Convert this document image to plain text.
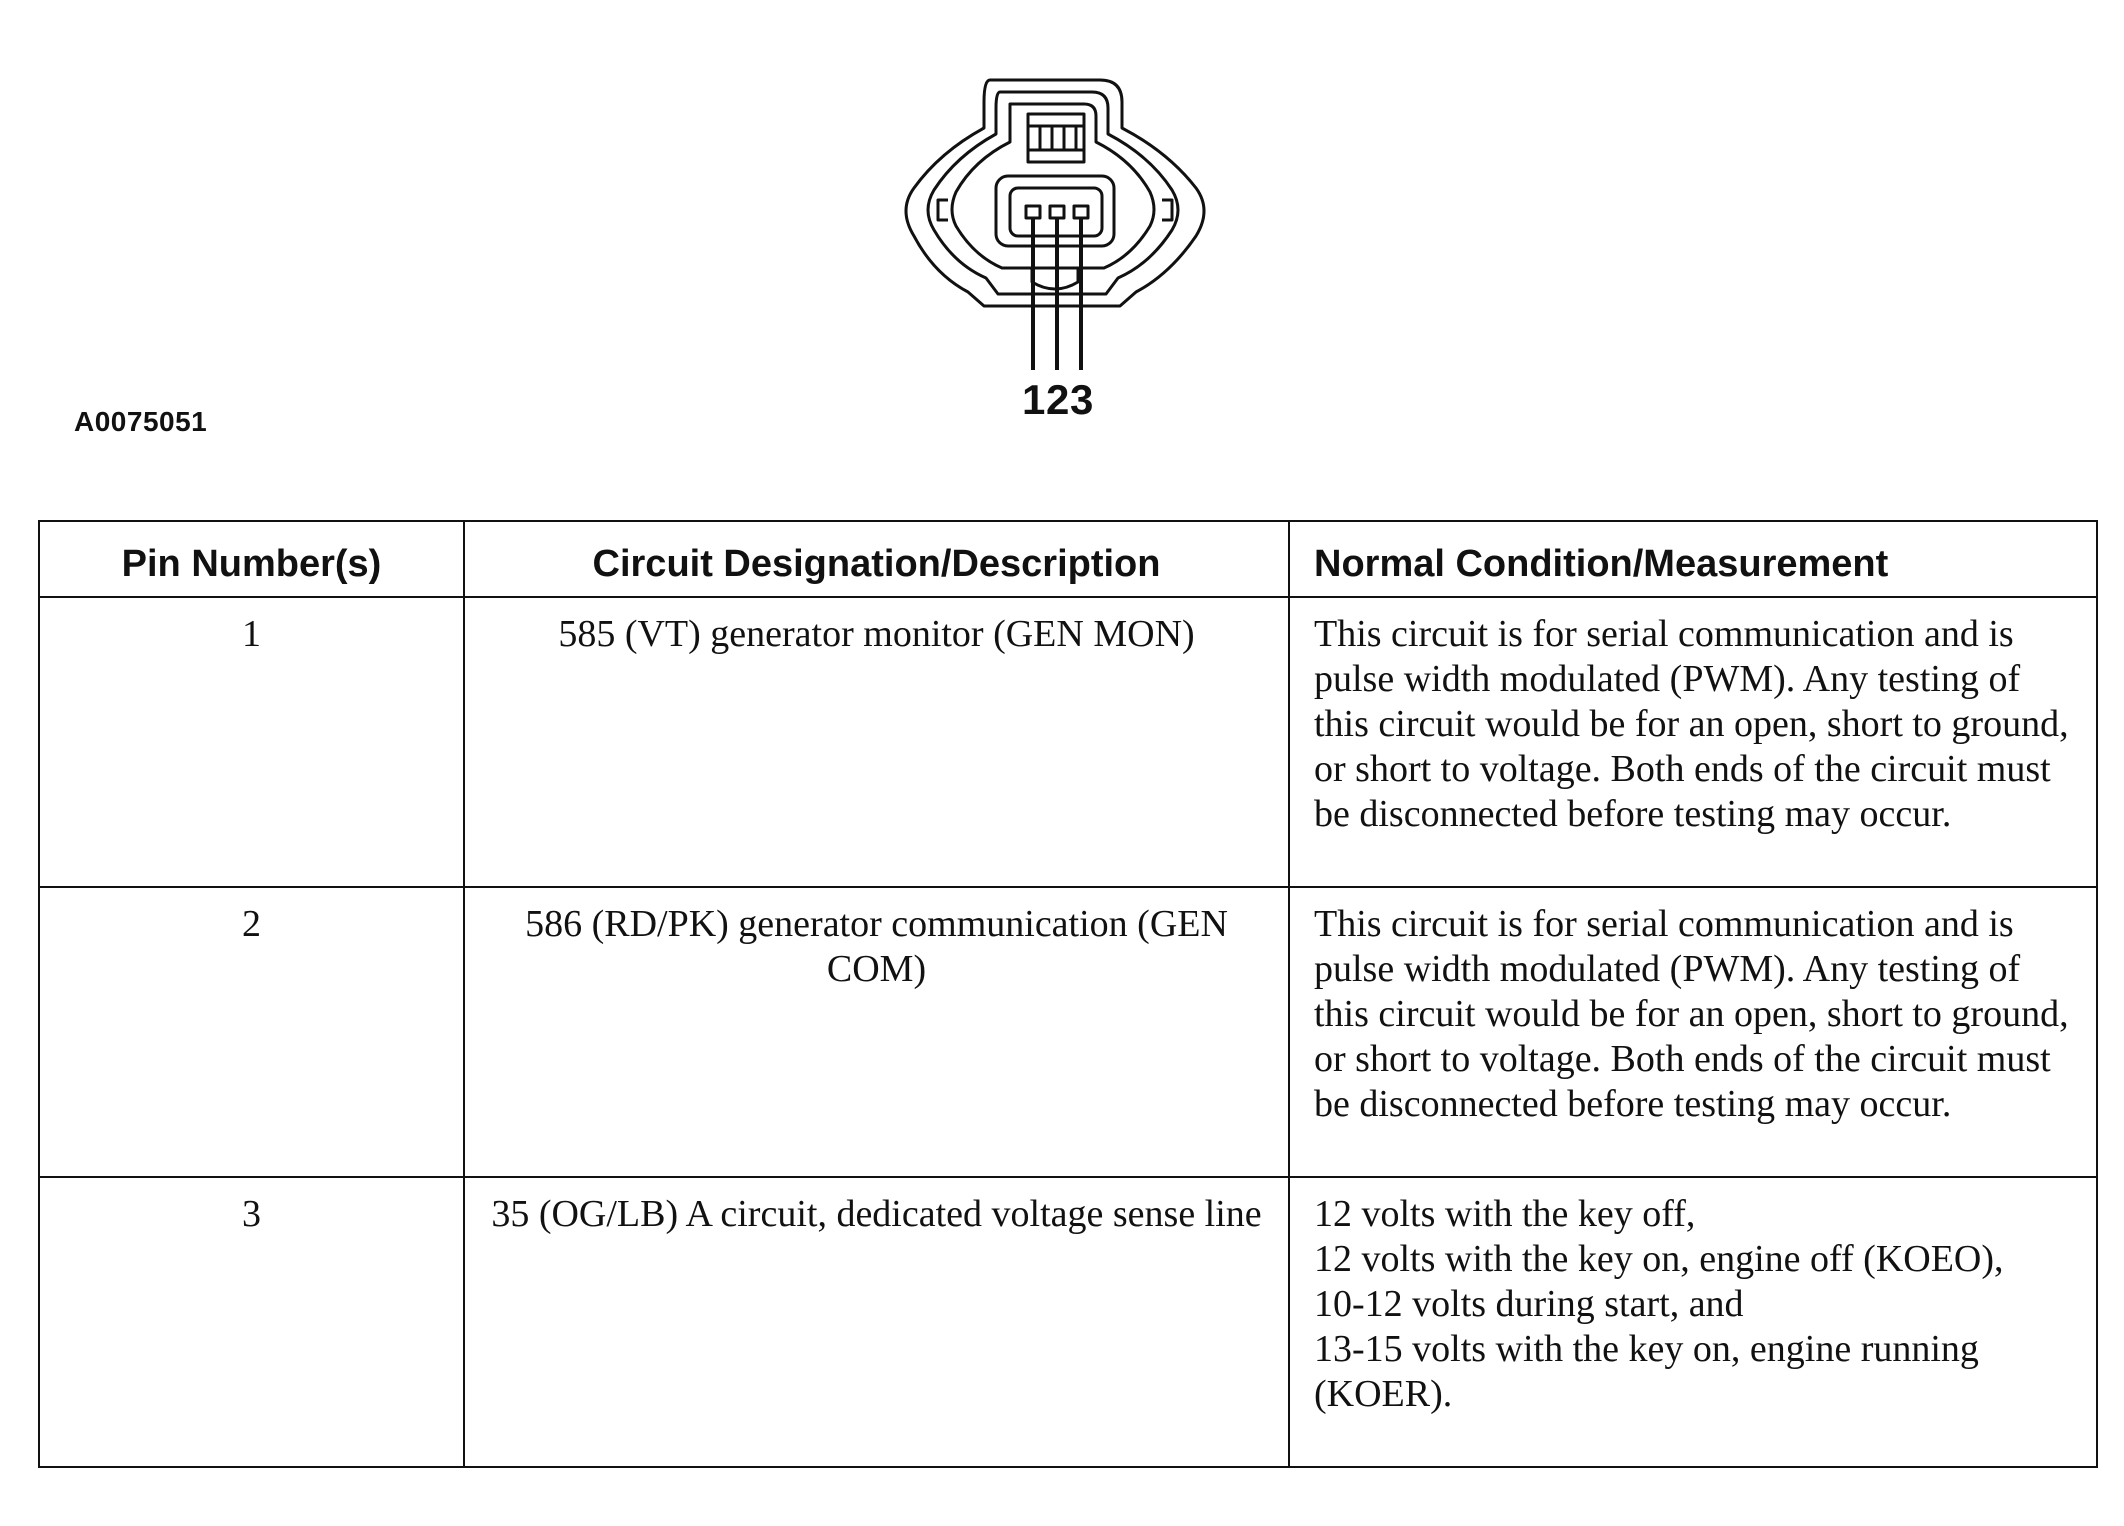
1 2 3
A0075051
Pin Number(s)	Circuit Designation/Description	Normal Condition/Measurement
1	585 (VT) generator monitor (GEN MON)	This circuit is for serial communication and is pulse width modulated (PWM). Any testing of this circuit would be for an open, short to ground, or short to voltage. Both ends of the circuit must be disconnected before testing may occur.
2	586 (RD/PK) generator communication (GEN COM)	This circuit is for serial communication and is pulse width modulated (PWM). Any testing of this circuit would be for an open, short to ground, or short to voltage. Both ends of the circuit must be disconnected before testing may occur.
3	35 (OG/LB) A circuit, dedicated voltage sense line	12 volts with the key off,
12 volts with the key on, engine off (KOEO),
10-12 volts during start, and
13-15 volts with the key on, engine running (KOER).
